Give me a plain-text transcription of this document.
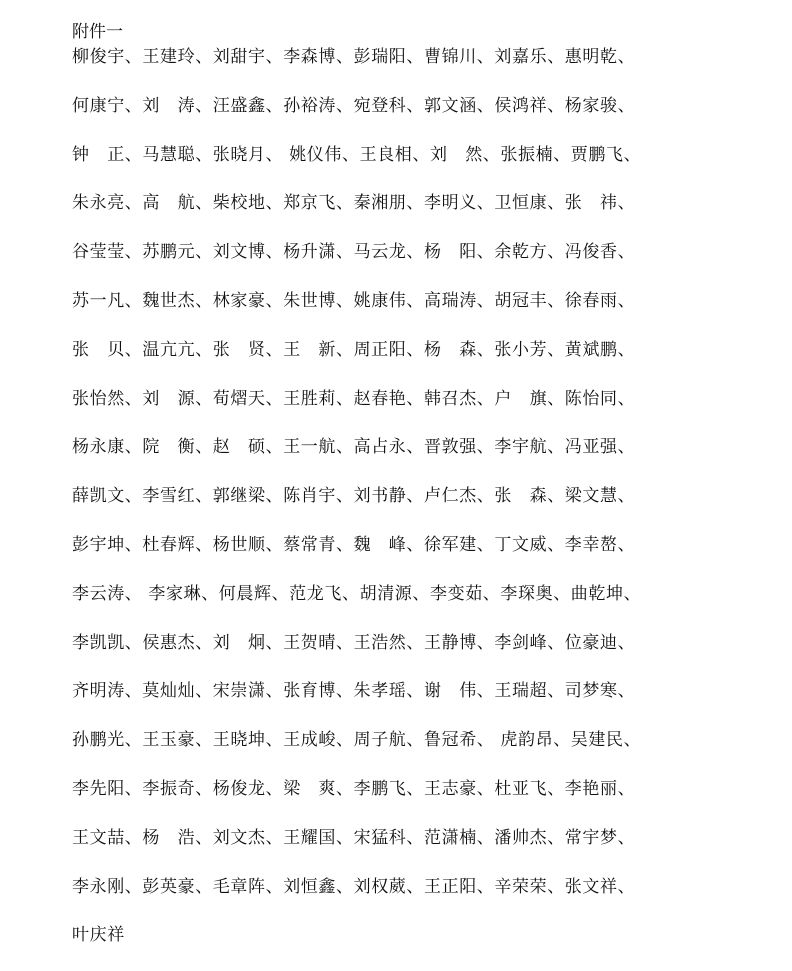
附件一
柳俊宇、王建玲、刘甜宇、李森博、彭瑞阳、曹锦川、刘嘉乐、惠明乾、
何康宁、刘　涛、汪盛鑫、孙裕涛、宛登科、郭文涵、侯鸿祥、杨家骏、
钟　正、马慧聪、张晓月、 姚仪伟、王良相、刘　然、张振楠、贾鹏飞、
朱永亮、高　航、柴校地、郑京飞、秦湘朋、李明义、卫恒康、张　祎、
谷莹莹、苏鹏元、刘文博、杨升潇、马云龙、杨　阳、余乾方、冯俊香、
苏一凡、魏世杰、林家豪、朱世博、姚康伟、高瑞涛、胡冠丰、徐春雨、
张　贝、温亢亢、张　贤、王　新、周正阳、杨　森、张小芳、黄斌鹏、
张怡然、刘　源、荀熠天、王胜莉、赵春艳、韩召杰、户　旗、陈怡同、
杨永康、院　衡、赵　硕、王一航、高占永、晋敦强、李宇航、冯亚强、
薛凯文、李雪红、郭继梁、陈肖宇、刘书静、卢仁杰、张　森、梁文慧、
彭宇坤、杜春辉、杨世顺、蔡常青、魏　峰、徐军建、丁文威、李幸嶅、
李云涛、 李家琳、何晨辉、范龙飞、胡清源、李变茹、李琛奥、曲乾坤、
李凯凯、侯惠杰、刘　炯、王贺晴、王浩然、王静博、李剑峰、位豪迪、
齐明涛、莫灿灿、宋崇潇、张育博、朱孝瑶、谢　伟、王瑞超、司梦寒、
孙鹏光、王玉豪、王晓坤、王成峻、周子航、鲁冠希、 虎韵昂、吴建民、
李先阳、李振奇、杨俊龙、梁　爽、李鹏飞、王志豪、杜亚飞、李艳丽、
王文喆、杨　浩、刘文杰、王耀国、宋猛科、范潇楠、潘帅杰、常宇梦、
李永刚、彭英豪、毛章阵、刘恒鑫、刘权葳、王正阳、辛荣荣、张文祥、
叶庆祥
